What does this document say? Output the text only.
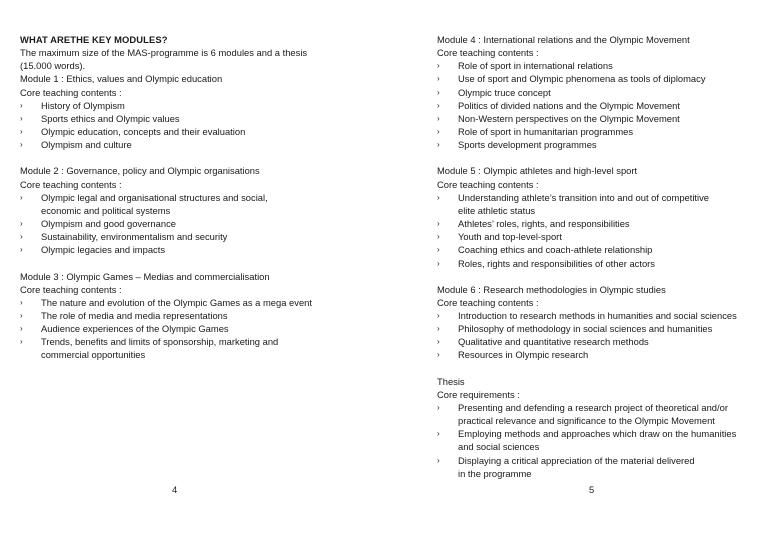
WHAT ARETHE KEY MODULES?
The maximum size of the MAS-programme is 6 modules and a thesis
(15.000 words).
Module 1 : Ethics, values and Olympic education
Core teaching contents :
› History of Olympism
› Sports ethics and Olympic values
› Olympic education, concepts and their evaluation
› Olympism and culture
Module 2 : Governance, policy and Olympic organisations
Core teaching contents :
› Olympic legal and organisational structures and social,
economic and political systems
› Olympism and good governance
› Sustainability, environmentalism and security
› Olympic legacies and impacts
Module 3 : Olympic Games – Medias and commercialisation
Core teaching contents :
› The nature and evolution of the Olympic Games as a mega event
› The role of media and media representations
› Audience experiences of the Olympic Games
› Trends, benefits and limits of sponsorship, marketing and
commercial opportunities
Module 4 : International relations and the Olympic Movement
Core teaching contents :
› Role of sport in international relations
› Use of sport and Olympic phenomena as tools of diplomacy
› Olympic truce concept
› Politics of divided nations and the Olympic Movement
› Non-Western perspectives on the Olympic Movement
› Role of sport in humanitarian programmes
› Sports development programmes
Module 5 : Olympic athletes and high-level sport
Core teaching contents :
› Understanding athlete’s transition into and out of competitive
elite athletic status
› Athletes’ roles, rights, and responsibilities
› Youth and top-level-sport
› Coaching ethics and coach-athlete relationship
› Roles, rights and responsibilities of other actors
Module 6 : Research methodologies in Olympic studies
Core teaching contents :
› Introduction to research methods in humanities and social sciences
› Philosophy of methodology in social sciences and humanities
› Qualitative and quantitative research methods
› Resources in Olympic research
Thesis
Core requirements :
› Presenting and defending a research project of theoretical and/or
practical relevance and significance to the Olympic Movement
› Employing methods and approaches which draw on the humanities
and social sciences
› Displaying a critical appreciation of the material delivered
in the programme
4	5
